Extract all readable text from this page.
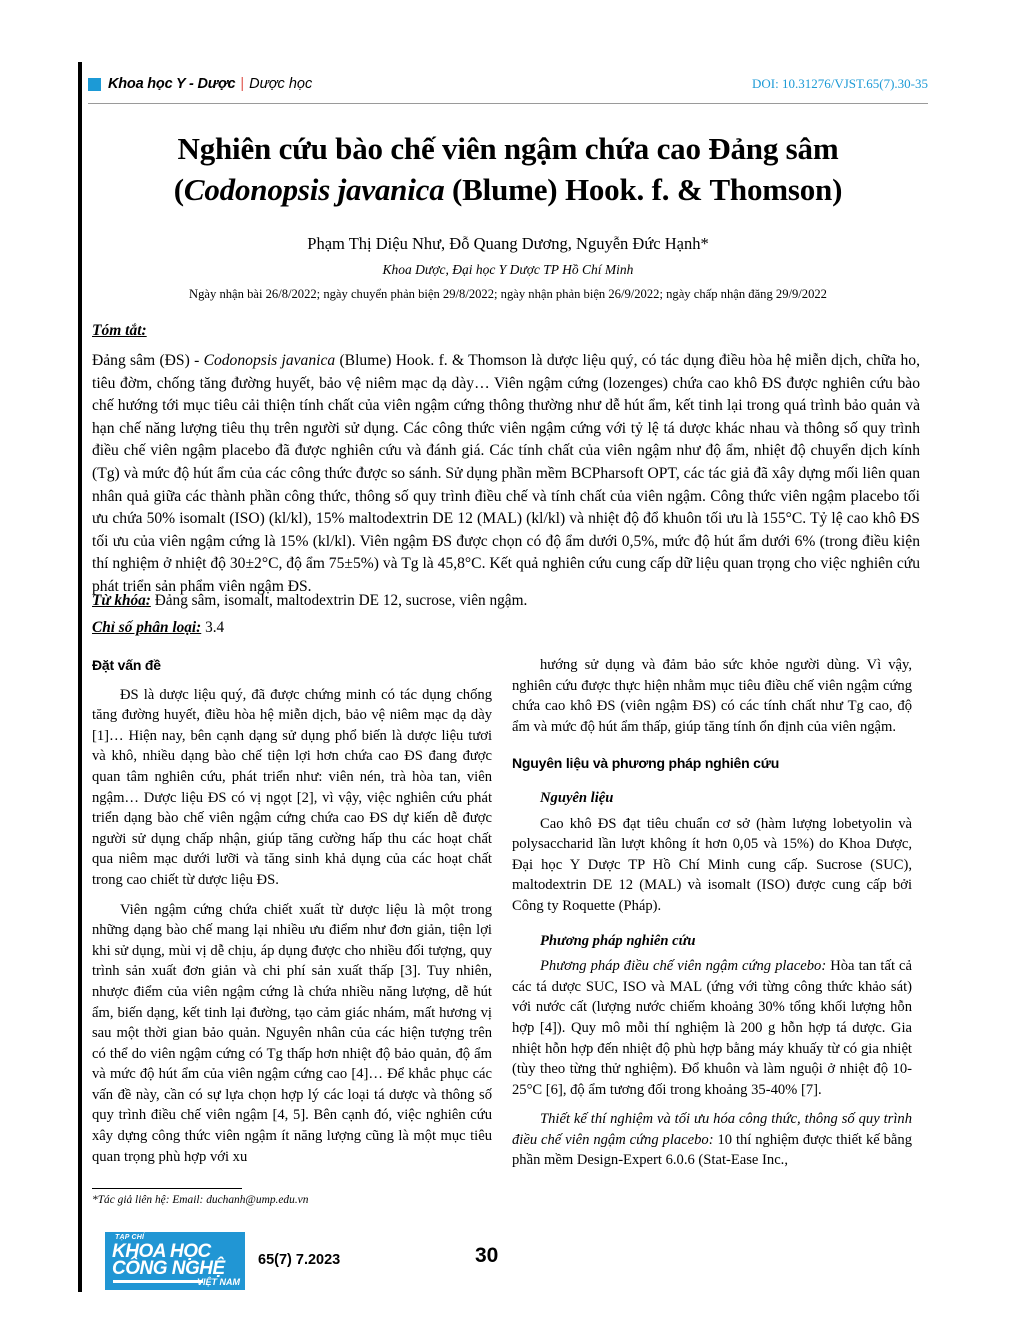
Khoa học Y - Dược | Dược học	DOI: 10.31276/VJST.65(7).30-35
Nghiên cứu bào chế viên ngậm chứa cao Đảng sâm
(Codonopsis javanica (Blume) Hook. f. & Thomson)
Phạm Thị Diệu Như, Đỗ Quang Dương, Nguyễn Đức Hạnh*
Khoa Dược, Đại học Y Dược TP Hồ Chí Minh
Ngày nhận bài 26/8/2022; ngày chuyển phản biện 29/8/2022; ngày nhận phản biện 26/9/2022; ngày chấp nhận đăng 29/9/2022
Tóm tắt:
Đảng sâm (ĐS) - Codonopsis javanica (Blume) Hook. f. & Thomson là dược liệu quý, có tác dụng điều hòa hệ miễn dịch, chữa ho, tiêu đờm, chống tăng đường huyết, bảo vệ niêm mạc dạ dày… Viên ngậm cứng (lozenges) chứa cao khô ĐS được nghiên cứu bào chế hướng tới mục tiêu cải thiện tính chất của viên ngậm cứng thông thường như dễ hút ẩm, kết tinh lại trong quá trình bảo quản và hạn chế năng lượng tiêu thụ trên người sử dụng. Các công thức viên ngậm cứng với tỷ lệ tá dược khác nhau và thông số quy trình điều chế viên ngậm placebo đã được nghiên cứu và đánh giá. Các tính chất của viên ngậm như độ ẩm, nhiệt độ chuyển dịch kính (Tg) và mức độ hút ẩm của các công thức được so sánh. Sử dụng phần mềm BCPharsoft OPT, các tác giả đã xây dựng mối liên quan nhân quả giữa các thành phần công thức, thông số quy trình điều chế và tính chất của viên ngậm. Công thức viên ngậm placebo tối ưu chứa 50% isomalt (ISO) (kl/kl), 15% maltodextrin DE 12 (MAL) (kl/kl) và nhiệt độ đổ khuôn tối ưu là 155°C. Tỷ lệ cao khô ĐS tối ưu của viên ngậm cứng là 15% (kl/kl). Viên ngậm ĐS được chọn có độ ẩm dưới 0,5%, mức độ hút ẩm dưới 6% (trong điều kiện thí nghiệm ở nhiệt độ 30±2°C, độ ẩm 75±5%) và Tg là 45,8°C. Kết quả nghiên cứu cung cấp dữ liệu quan trọng cho việc nghiên cứu phát triển sản phẩm viên ngậm ĐS.
Từ khóa: Đảng sâm, isomalt, maltodextrin DE 12, sucrose, viên ngậm.
Chỉ số phân loại: 3.4
Đặt vấn đề

ĐS là dược liệu quý, đã được chứng minh có tác dụng chống tăng đường huyết, điều hòa hệ miễn dịch, bảo vệ niêm mạc dạ dày [1]… Hiện nay, bên cạnh dạng sử dụng phổ biến là dược liệu tươi và khô, nhiều dạng bào chế tiện lợi hơn chứa cao ĐS đang được quan tâm nghiên cứu, phát triển như: viên nén, trà hòa tan, viên ngậm… Dược liệu ĐS có vị ngọt [2], vì vậy, việc nghiên cứu phát triển dạng bào chế viên ngậm cứng chứa cao ĐS dự kiến dễ được người sử dụng chấp nhận, giúp tăng cường hấp thu các hoạt chất qua niêm mạc dưới lưỡi và tăng sinh khả dụng của các hoạt chất trong cao chiết từ dược liệu ĐS.

Viên ngậm cứng chứa chiết xuất từ dược liệu là một trong những dạng bào chế mang lại nhiều ưu điểm như đơn giản, tiện lợi khi sử dụng, mùi vị dễ chịu, áp dụng được cho nhiều đối tượng, quy trình sản xuất đơn giản và chi phí sản xuất thấp [3]. Tuy nhiên, nhược điểm của viên ngậm cứng là chứa nhiều năng lượng, dễ hút ẩm, biến dạng, kết tinh lại đường, tạo cảm giác nhám, mất hương vị sau một thời gian bảo quản. Nguyên nhân của các hiện tượng trên có thể do viên ngậm cứng có Tg thấp hơn nhiệt độ bảo quản, độ ẩm và mức độ hút ẩm của viên ngậm cứng cao [4]… Để khắc phục các vấn đề này, cần có sự lựa chọn hợp lý các loại tá dược và thông số quy trình điều chế viên ngậm [4, 5]. Bên cạnh đó, việc nghiên cứu xây dựng công thức viên ngậm ít năng lượng cũng là một mục tiêu quan trọng phù hợp với xu

hướng sử dụng và đảm bảo sức khỏe người dùng. Vì vậy, nghiên cứu được thực hiện nhằm mục tiêu điều chế viên ngậm cứng chứa cao khô ĐS (viên ngậm ĐS) có các tính chất như Tg cao, độ ẩm và mức độ hút ẩm thấp, giúp tăng tính ổn định của viên ngậm.

Nguyên liệu và phương pháp nghiên cứu
Nguyên liệu

Cao khô ĐS đạt tiêu chuẩn cơ sở (hàm lượng lobetyolin và polysaccharid lần lượt không ít hơn 0,05 và 15%) do Khoa Dược, Đại học Y Dược TP Hồ Chí Minh cung cấp. Sucrose (SUC), maltodextrin DE 12 (MAL) và isomalt (ISO) được cung cấp bởi Công ty Roquette (Pháp).

Phương pháp nghiên cứu

Phương pháp điều chế viên ngậm cứng placebo: Hòa tan tất cả các tá dược SUC, ISO và MAL (ứng với từng công thức khảo sát) với nước cất (lượng nước chiếm khoảng 30% tổng khối lượng hỗn hợp [4]). Quy mô mỗi thí nghiệm là 200 g hỗn hợp tá dược. Gia nhiệt hỗn hợp đến nhiệt độ phù hợp bằng máy khuấy từ có gia nhiệt (tùy theo từng thử nghiệm). Đổ khuôn và làm nguội ở nhiệt độ 10-25°C [6], độ ẩm tương đối trong khoảng 35-40% [7].

Thiết kế thí nghiệm và tối ưu hóa công thức, thông số quy trình điều chế viên ngậm cứng placebo: 10 thí nghiệm được thiết kế bằng phần mềm Design-Expert 6.0.6 (Stat-Ease Inc.,

*Tác giả liên hệ: Email: duchanh@ump.edu.vn
TẠP CHÍ
KHOA HỌC
CÔNG NGHỆ
VIỆT NAM
65(7) 7.2023	30
